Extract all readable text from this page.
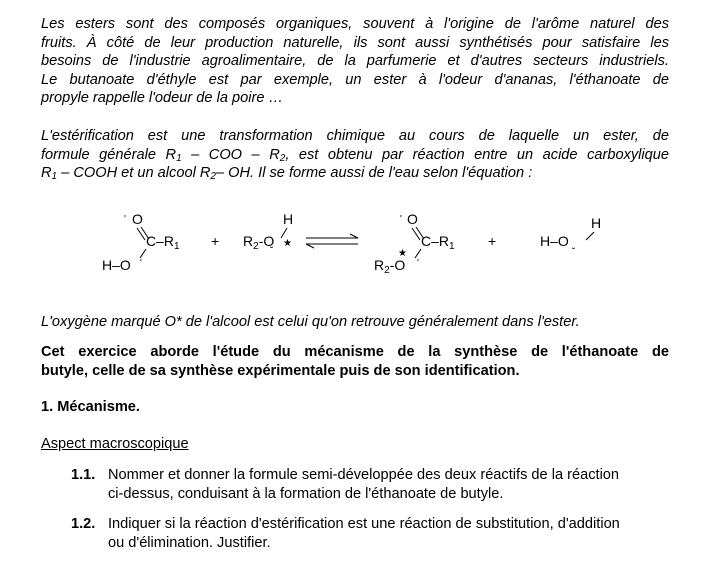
Les esters sont des composés organiques, souvent à l'origine de l'arôme naturel des
fruits. À côté de leur production naturelle, ils sont aussi synthétisés pour satisfaire les
besoins de l'industrie agroalimentaire, de la parfumerie et d'autres secteurs industriels.
Le butanoate d'éthyle est par exemple, un ester à l'odeur d'ananas, l'éthanoate de
propyle rappelle l'odeur de la poire …
L'estérification est une transformation chimique au cours de laquelle un ester, de
formule générale $R_1$ – COO – $R_2$, est obtenu par réaction entre un acide carboxylique
$R_1$ – COOH et un alcool $R_2-$ OH. Il se forme aussi de l'eau selon l'équation :
' O
$C-R_1$
H–O '
+
H
$R_2-O$ ★
˘
' O
$C-R_1$
★
$R_2-O$ '
+
H
H–O
˘
L'oxygène marqué O* de l'alcool est celui qu'on retrouve généralement dans l'ester.
Cet exercice aborde l'étude du mécanisme de la synthèse de l'éthanoate de
butyle, celle de sa synthèse expérimentale puis de son identification.
1. Mécanisme.
Aspect macroscopique
1.1. Nommer et donner la formule semi-développée des deux réactifs de la réaction
ci-dessus, conduisant à la formation de l'éthanoate de butyle.
1.2. Indiquer si la réaction d'estérification est une réaction de substitution, d'addition
ou d'élimination. Justifier.
